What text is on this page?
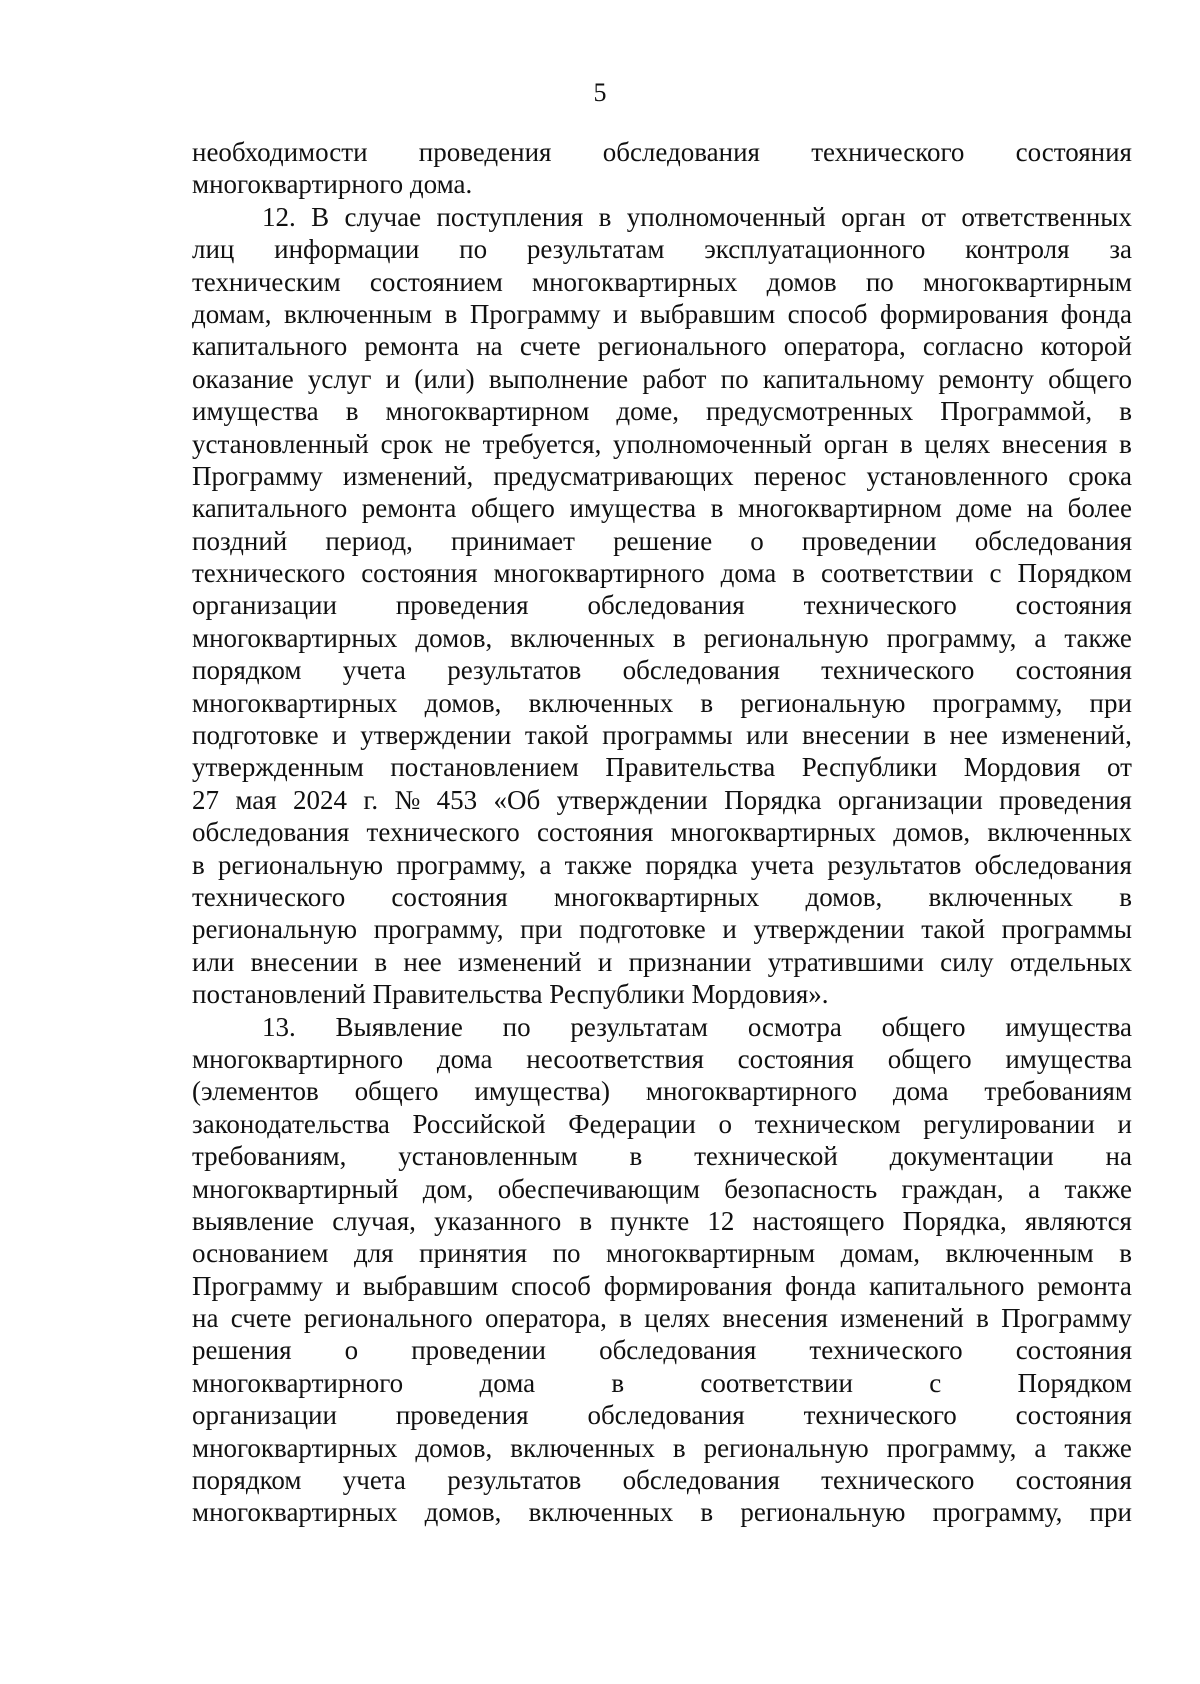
5
необходимости проведения обследования технического состояния
многоквартирного дома.
12. В случае поступления в уполномоченный орган от ответственных
лиц информации по результатам эксплуатационного контроля за
техническим состоянием многоквартирных домов по многоквартирным
домам, включенным в Программу и выбравшим способ формирования фонда
капитального ремонта на счете регионального оператора, согласно которой
оказание услуг и (или) выполнение работ по капитальному ремонту общего
имущества в многоквартирном доме, предусмотренных Программой, в
установленный срок не требуется, уполномоченный орган в целях внесения в
Программу изменений, предусматривающих перенос установленного срока
капитального ремонта общего имущества в многоквартирном доме на более
поздний период, принимает решение о проведении обследования
технического состояния многоквартирного дома в соответствии с Порядком
организации проведения обследования технического состояния
многоквартирных домов, включенных в региональную программу, а также
порядком учета результатов обследования технического состояния
многоквартирных домов, включенных в региональную программу, при
подготовке и утверждении такой программы или внесении в нее изменений,
утвержденным постановлением Правительства Республики Мордовия от
27 мая 2024 г. № 453 «Об утверждении Порядка организации проведения
обследования технического состояния многоквартирных домов, включенных
в региональную программу, а также порядка учета результатов обследования
технического состояния многоквартирных домов, включенных в
региональную программу, при подготовке и утверждении такой программы
или внесении в нее изменений и признании утратившими силу отдельных
постановлений Правительства Республики Мордовия».
13. Выявление по результатам осмотра общего имущества
многоквартирного дома несоответствия состояния общего имущества
(элементов общего имущества) многоквартирного дома требованиям
законодательства Российской Федерации о техническом регулировании и
требованиям, установленным в технической документации на
многоквартирный дом, обеспечивающим безопасность граждан, а также
выявление случая, указанного в пункте 12 настоящего Порядка, являются
основанием для принятия по многоквартирным домам, включенным в
Программу и выбравшим способ формирования фонда капитального ремонта
на счете регионального оператора, в целях внесения изменений в Программу
решения о проведении обследования технического состояния
многоквартирного	дома	в	соответствии	с	Порядком
организации проведения обследования технического состояния
многоквартирных домов, включенных в региональную программу, а также
порядком учета результатов обследования технического состояния
многоквартирных домов, включенных в региональную программу, при
